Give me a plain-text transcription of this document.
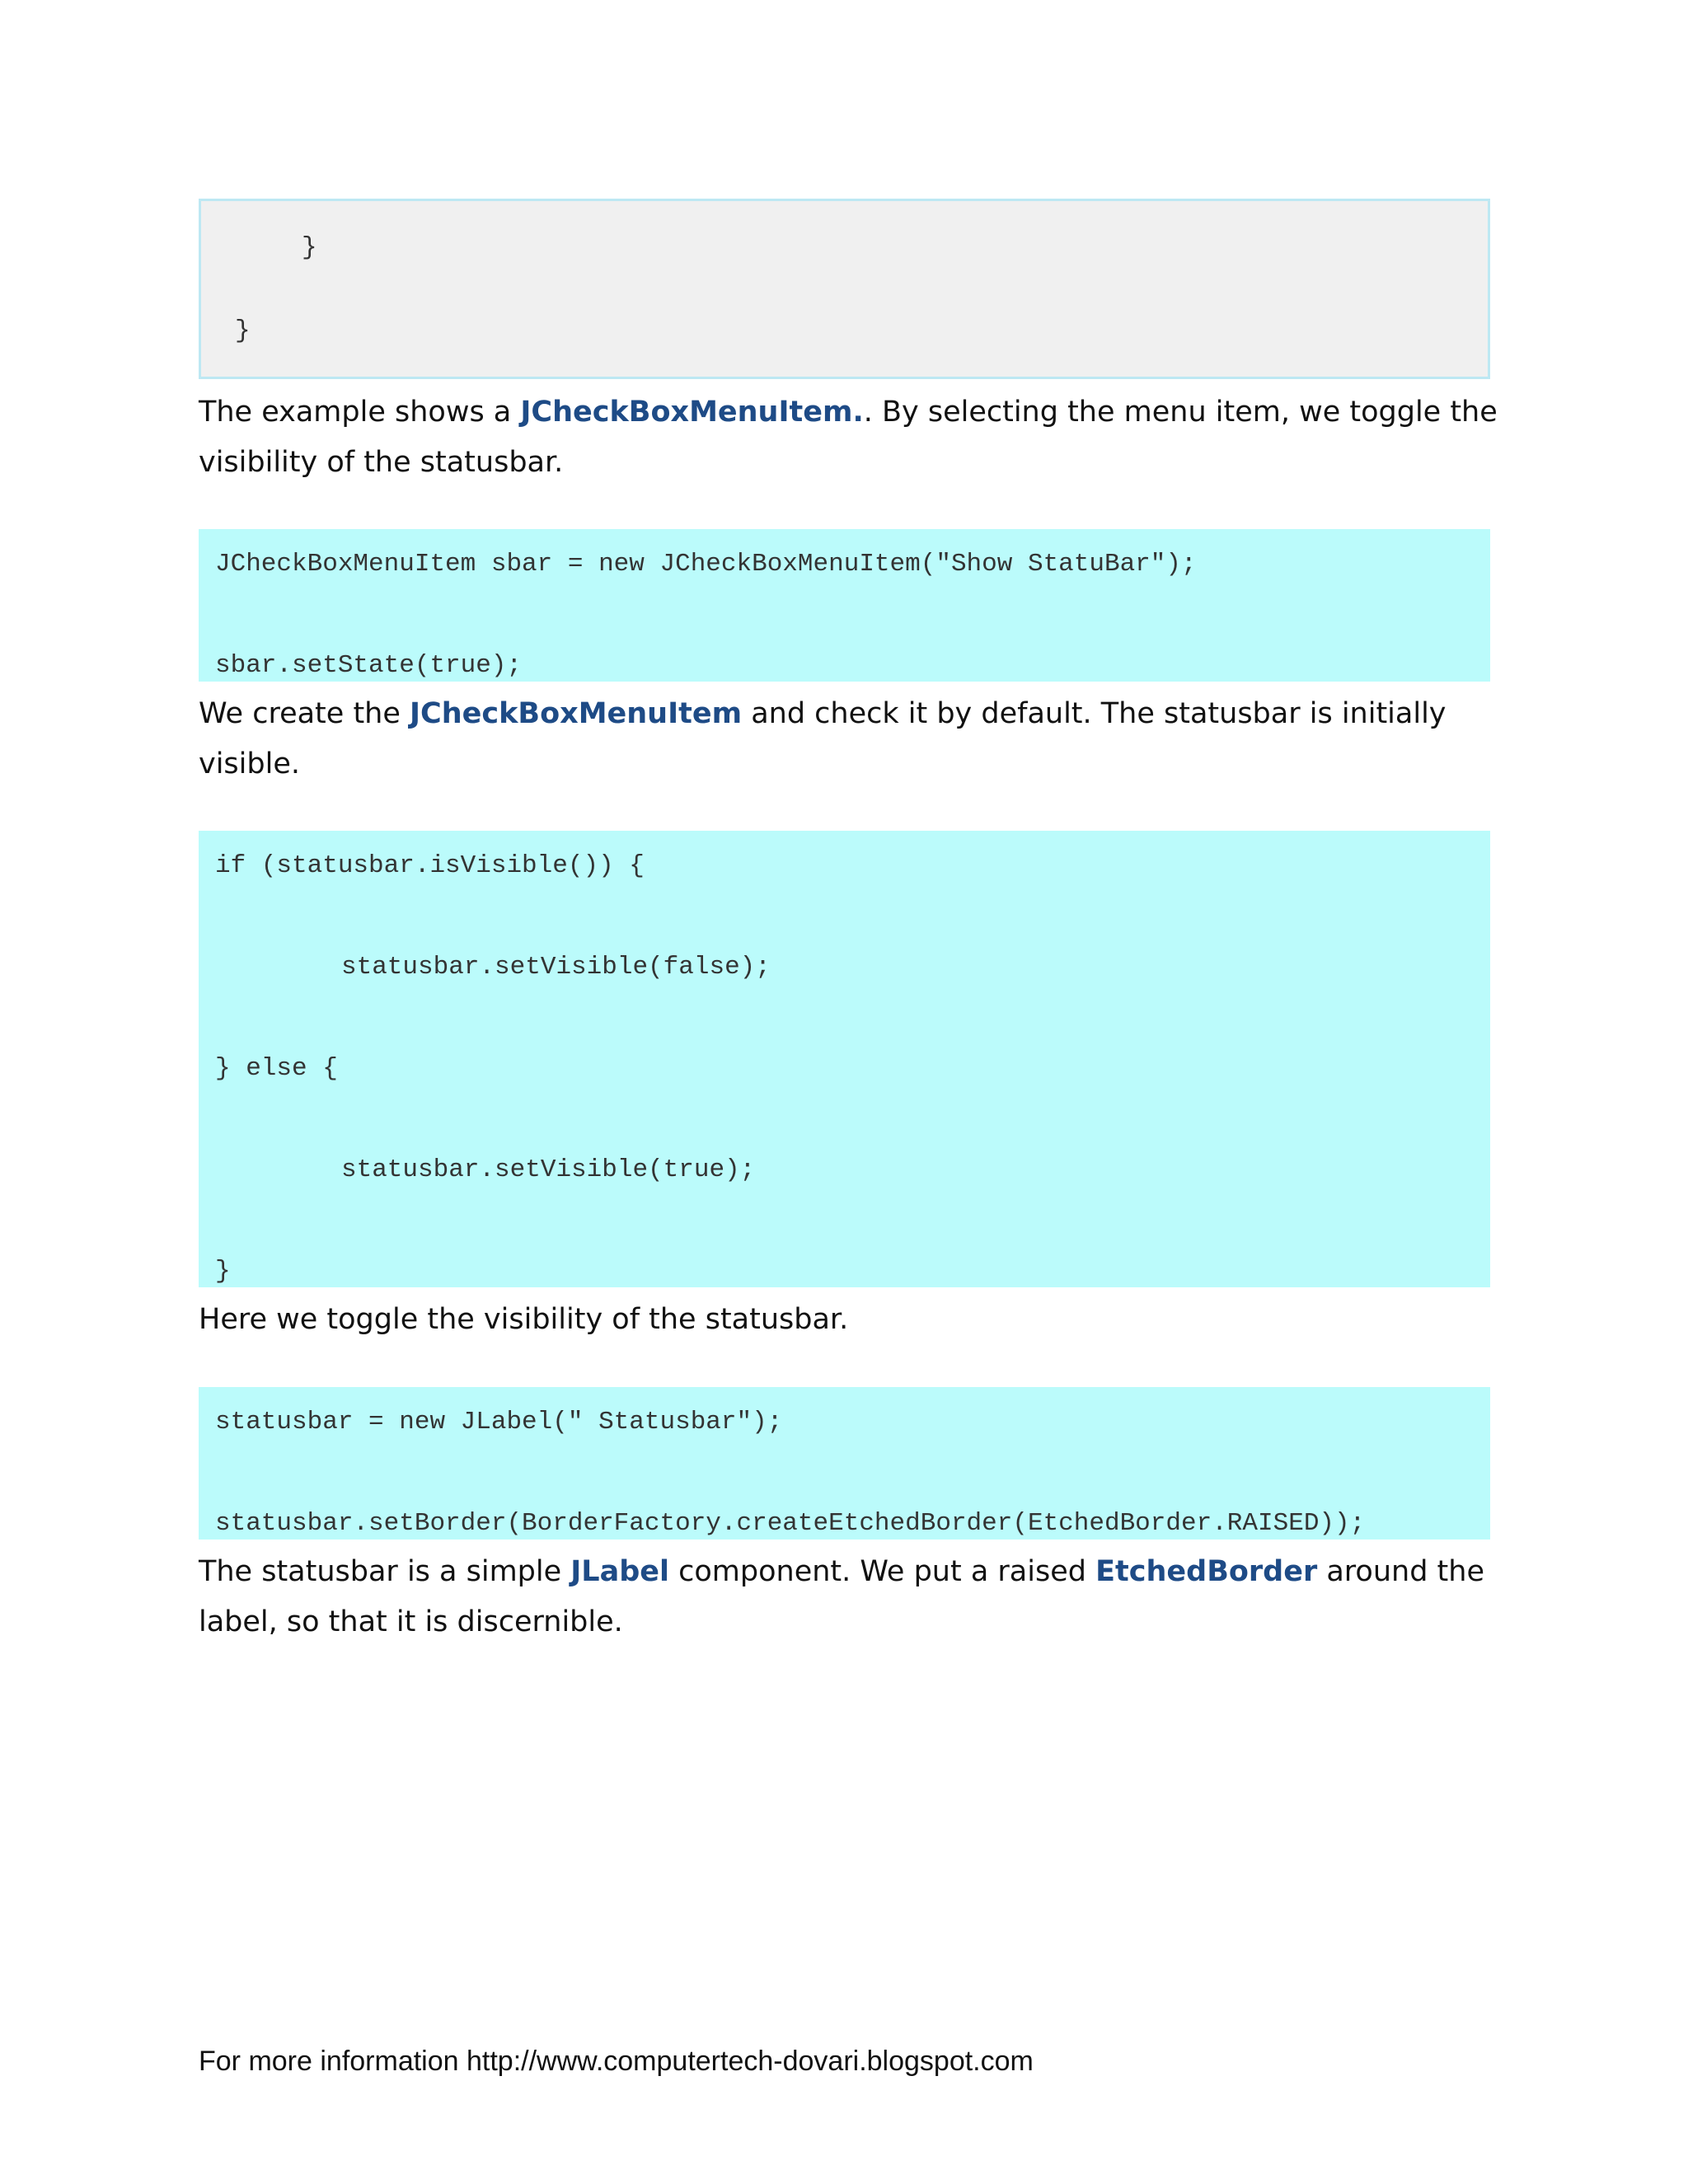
}
}
The example shows a JCheckBoxMenuItem.. By selecting the menu item, we toggle the
visibility of the statusbar.
JCheckBoxMenuItem sbar = new JCheckBoxMenuItem("Show StatuBar");
sbar.setState(true);
We create the JCheckBoxMenuItem and check it by default. The statusbar is initially
visible.
if (statusbar.isVisible()) {
statusbar.setVisible(false);
} else {
statusbar.setVisible(true);
}
Here we toggle the visibility of the statusbar.
statusbar = new JLabel(" Statusbar");
statusbar.setBorder(BorderFactory.createEtchedBorder(EtchedBorder.RAISED));
The statusbar is a simple JLabel component. We put a raised EtchedBorder around the
label, so that it is discernible.
For more information http://www.computertech-dovari.blogspot.com
